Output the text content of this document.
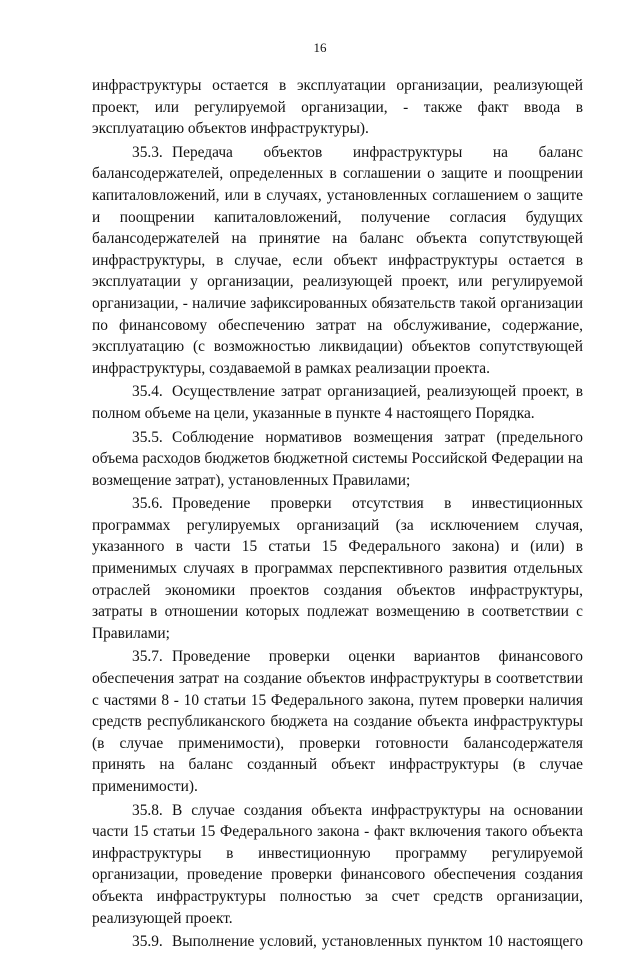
16

инфраструктуры остается в эксплуатации организации, реализующей проект, или регулируемой организации, - также факт ввода в эксплуатацию объектов инфраструктуры).

35.3. Передача объектов инфраструктуры на баланс балансодержателей, определенных в соглашении о защите и поощрении капиталовложений, или в случаях, установленных соглашением о защите и поощрении капиталовложений, получение согласия будущих балансодержателей на принятие на баланс объекта сопутствующей инфраструктуры, в случае, если объект инфраструктуры остается в эксплуатации у организации, реализующей проект, или регулируемой организации, - наличие зафиксированных обязательств такой организации по финансовому обеспечению затрат на обслуживание, содержание, эксплуатацию (с возможностью ликвидации) объектов сопутствующей инфраструктуры, создаваемой в рамках реализации проекта.

35.4. Осуществление затрат организацией, реализующей проект, в полном объеме на цели, указанные в пункте 4 настоящего Порядка.

35.5. Соблюдение нормативов возмещения затрат (предельного объема расходов бюджетов бюджетной системы Российской Федерации на возмещение затрат), установленных Правилами;

35.6. Проведение проверки отсутствия в инвестиционных программах регулируемых организаций (за исключением случая, указанного в части 15 статьи 15 Федерального закона) и (или) в применимых случаях в программах перспективного развития отдельных отраслей экономики проектов создания объектов инфраструктуры, затраты в отношении которых подлежат возмещению в соответствии с Правилами;

35.7. Проведение проверки оценки вариантов финансового обеспечения затрат на создание объектов инфраструктуры в соответствии с частями 8 - 10 статьи 15 Федерального закона, путем проверки наличия средств республиканского бюджета на создание объекта инфраструктуры (в случае применимости), проверки готовности балансодержателя принять на баланс созданный объект инфраструктуры (в случае применимости).

35.8. В случае создания объекта инфраструктуры на основании части 15 статьи 15 Федерального закона - факт включения такого объекта инфраструктуры в инвестиционную программу регулируемой организации, проведение проверки финансового обеспечения создания объекта инфраструктуры полностью за счет средств организации, реализующей проект.

35.9. Выполнение условий, установленных пунктом 10 настоящего
